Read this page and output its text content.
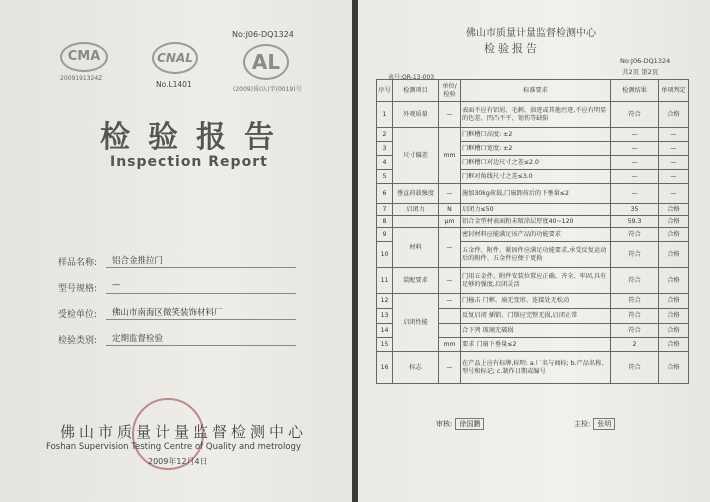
No:J06-DQ1324
CMA
2009191324Z
CNAL
No.L1401
AL
(2009)质(认)字(0019)号
检验报告
Inspection Report
样品名称:	铝合金推拉门
型号规格:	—
受检单位:	佛山市南海区微笑装饰材料厂
检验类别:	定期监督检验
佛山市质量计量监督检测中心
Foshan Supervision Testing Centre of Quality and metrology
2009年12月4日
佛山市质量计量监督检测中心
检验报告
No:J06-DQ1324
共2页 第2页
表号:QR-13-003
序号	检测项目	单位/检验	标准要求	检测结果	单项判定
1	外观质量	—	表面不应有铝屑、毛刺、油迹或其他污迹,不应有明显的色差、凹凸不平、划伤等缺陷	符合	合格
2	尺寸偏差	mm	门框槽口高度: ±2	—	—
3			门框槽口宽度: ±2	—	—
4			门框槽口对边尺寸之差≤2.0	—	—
5			门框对角线尺寸之差≤3.0	—	—
6	垂直荷载强度	—	施加30kg荷载,门扇卸荷后的下垂量≤2	—	—
7	启闭力	N	启闭力≤50	35	合格
8		μm	铝合金型材表面粉末喷涂层厚度40~120	59.3	合格
9	材料	—	密封材料应能满足该产品的功能要求	符合	合格
10			五金件、附件、紧固件应满足功能要求,承受反复运动后的附件、五金件应便于更换	符合	合格
11	装配要求	—	门用五金件、附件安装位置应正确、齐全、牢固,具有足够的强度,启闭灵活	符合	合格
12	启闭性能	—	门撞击 门框、扇无变形、连接处无松动	符合	合格
13			反复启闭 插销、门锁应完整无损,启闭正常	符合	合格
14			合下列 玻璃无破损	符合	合格
15		mm	要求 门扇下垂量≤2	2	合格
16	标志	—	在产品上应有标牌,标明: a.厂名与商标; b.产品名称、型号和标记; c.制作日期或编号	符合	合格
审核:	徐国鹏	主检:	张明
